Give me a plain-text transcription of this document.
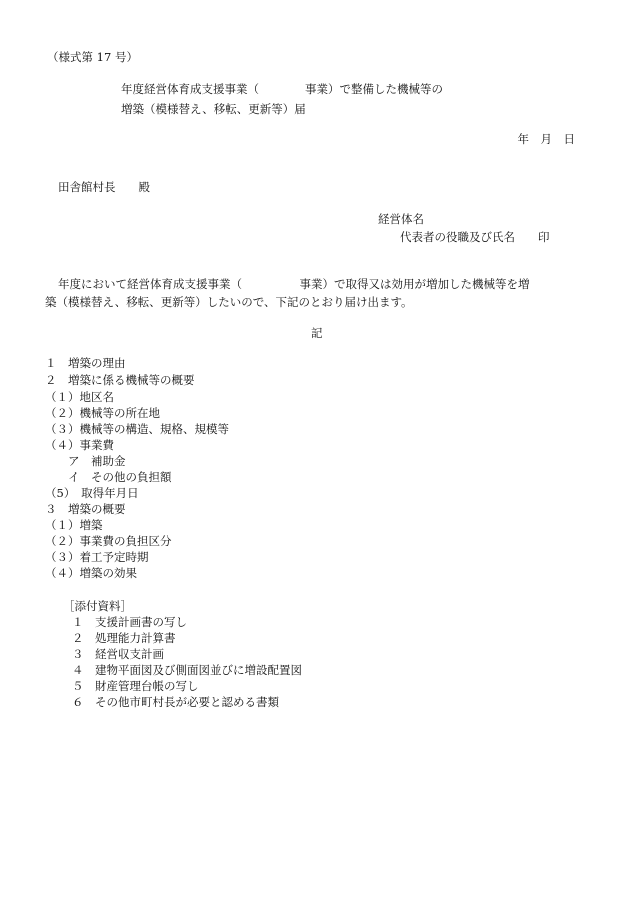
（様式第 17 号）
年度経営体育成支援事業（　　　　事業）で整備した機械等の
増築（模様替え、移転、更新等）届
年　月　日
田舎館村長　　殿
経営体名
代表者の役職及び氏名　　印
年度において経営体育成支援事業（　　　　　事業）で取得又は効用が増加した機械等を増
築（模様替え、移転、更新等）したいので、下記のとおり届け出ます。
記
１　増築の理由
２　増築に係る機械等の概要
（１）地区名
（２）機械等の所在地
（３）機械等の構造、規格、規模等
（４）事業費
　　ア　補助金
　　イ　その他の負担額
（5）　取得年月日
３　増築の概要
（１）増築
（２）事業費の負担区分
（３）着工予定時期
（４）増築の効果
［添付資料］
１　支援計画書の写し
２　処理能力計算書
３　経営収支計画
４　建物平面図及び側面図並びに増設配置図
５　財産管理台帳の写し
６　その他市町村長が必要と認める書類
